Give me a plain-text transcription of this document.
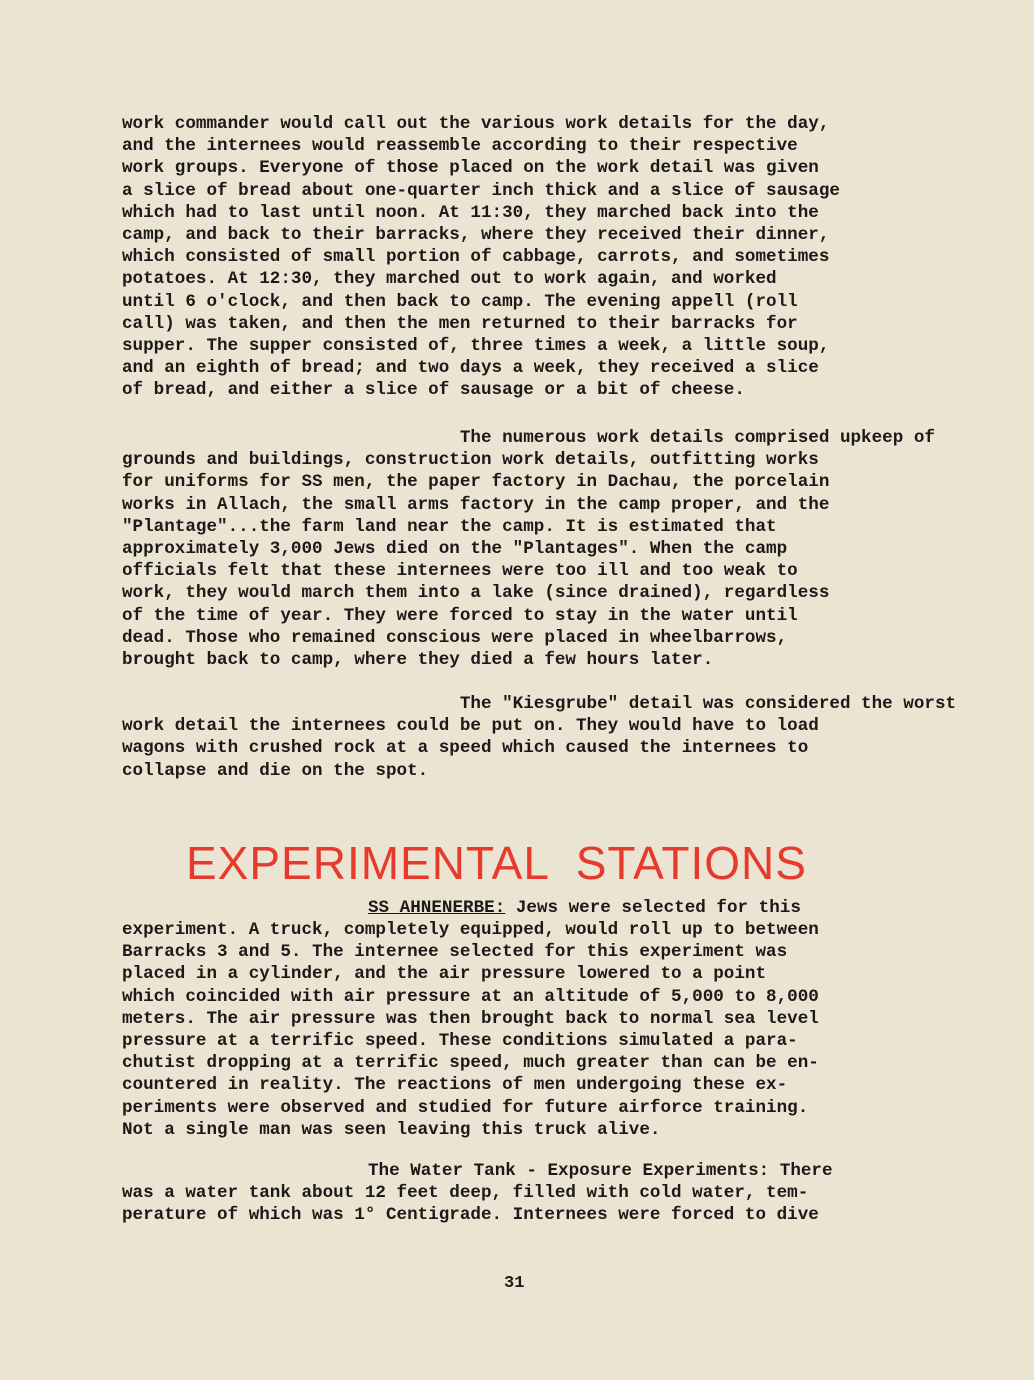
work commander would call out the various work details for the day,
and the internees would reassemble according to their respective
work groups. Everyone of those placed on the work detail was given
a slice of bread about one-quarter inch thick and a slice of sausage
which had to last until noon. At 11:30, they marched back into the
camp, and back to their barracks, where they received their dinner,
which consisted of small portion of cabbage, carrots, and sometimes
potatoes. At 12:30, they marched out to work again, and worked
until 6 o'clock, and then back to camp. The evening appell (roll
call) was taken, and then the men returned to their barracks for
supper. The supper consisted of, three times a week, a little soup,
and an eighth of bread; and two days a week, they received a slice
of bread, and either a slice of sausage or a bit of cheese.

The numerous work details comprised upkeep of
grounds and buildings, construction work details, outfitting works
for uniforms for SS men, the paper factory in Dachau, the porcelain
works in Allach, the small arms factory in the camp proper, and the
"Plantage"...the farm land near the camp. It is estimated that
approximately 3,000 Jews died on the "Plantages". When the camp
officials felt that these internees were too ill and too weak to
work, they would march them into a lake (since drained), regardless
of the time of year. They were forced to stay in the water until
dead. Those who remained conscious were placed in wheelbarrows,
brought back to camp, where they died a few hours later.

The "Kiesgrube" detail was considered the worst
work detail the internees could be put on. They would have to load
wagons with crushed rock at a speed which caused the internees to
collapse and die on the spot.

EXPERIMENTAL  STATIONS

SS AHNENERBE: Jews were selected for this

experiment. A truck, completely equipped, would roll up to between
Barracks 3 and 5. The internee selected for this experiment was
placed in a cylinder, and the air pressure lowered to a point
which coincided with air pressure at an altitude of 5,000 to 8,000
meters. The air pressure was then brought back to normal sea level
pressure at a terrific speed. These conditions simulated a para-
chutist dropping at a terrific speed, much greater than can be en-
countered in reality. The reactions of men undergoing these ex-
periments were observed and studied for future airforce training.
Not a single man was seen leaving this truck alive.

The Water Tank - Exposure Experiments: There

was a water tank about 12 feet deep, filled with cold water, tem-
perature of which was 1° Centigrade. Internees were forced to dive

31
